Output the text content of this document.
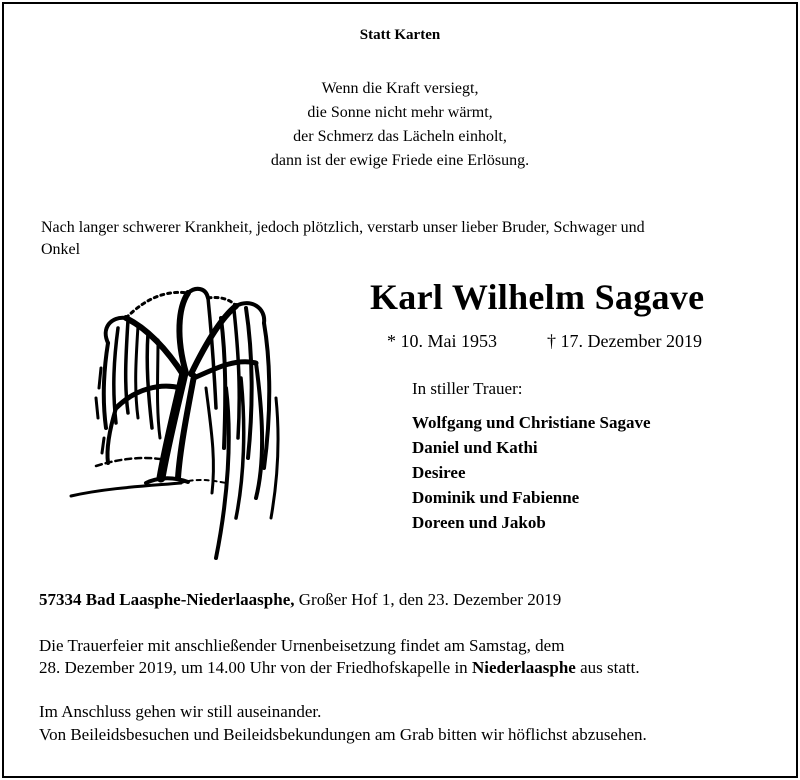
Statt Karten
Wenn die Kraft versiegt,
die Sonne nicht mehr wärmt,
der Schmerz das Lächeln einholt,
dann ist der ewige Friede eine Erlösung.
Nach langer schwerer Krankheit, jedoch plötzlich, verstarb unser lieber Bruder, Schwager und
Onkel
Karl Wilhelm Sagave
* 10. Mai 1953	† 17. Dezember 2019
In stiller Trauer:
Wolfgang und Christiane Sagave
Daniel und Kathi
Desiree
Dominik und Fabienne
Doreen und Jakob
57334 Bad Laasphe-Niederlaasphe, Großer Hof 1, den 23. Dezember 2019
Die Trauerfeier mit anschließender Urnenbeisetzung findet am Samstag, dem
28. Dezember 2019, um 14.00 Uhr von der Friedhofskapelle in Niederlaasphe aus statt.
Im Anschluss gehen wir still auseinander.
Von Beileidsbesuchen und Beileidsbekundungen am Grab bitten wir höflichst abzusehen.
